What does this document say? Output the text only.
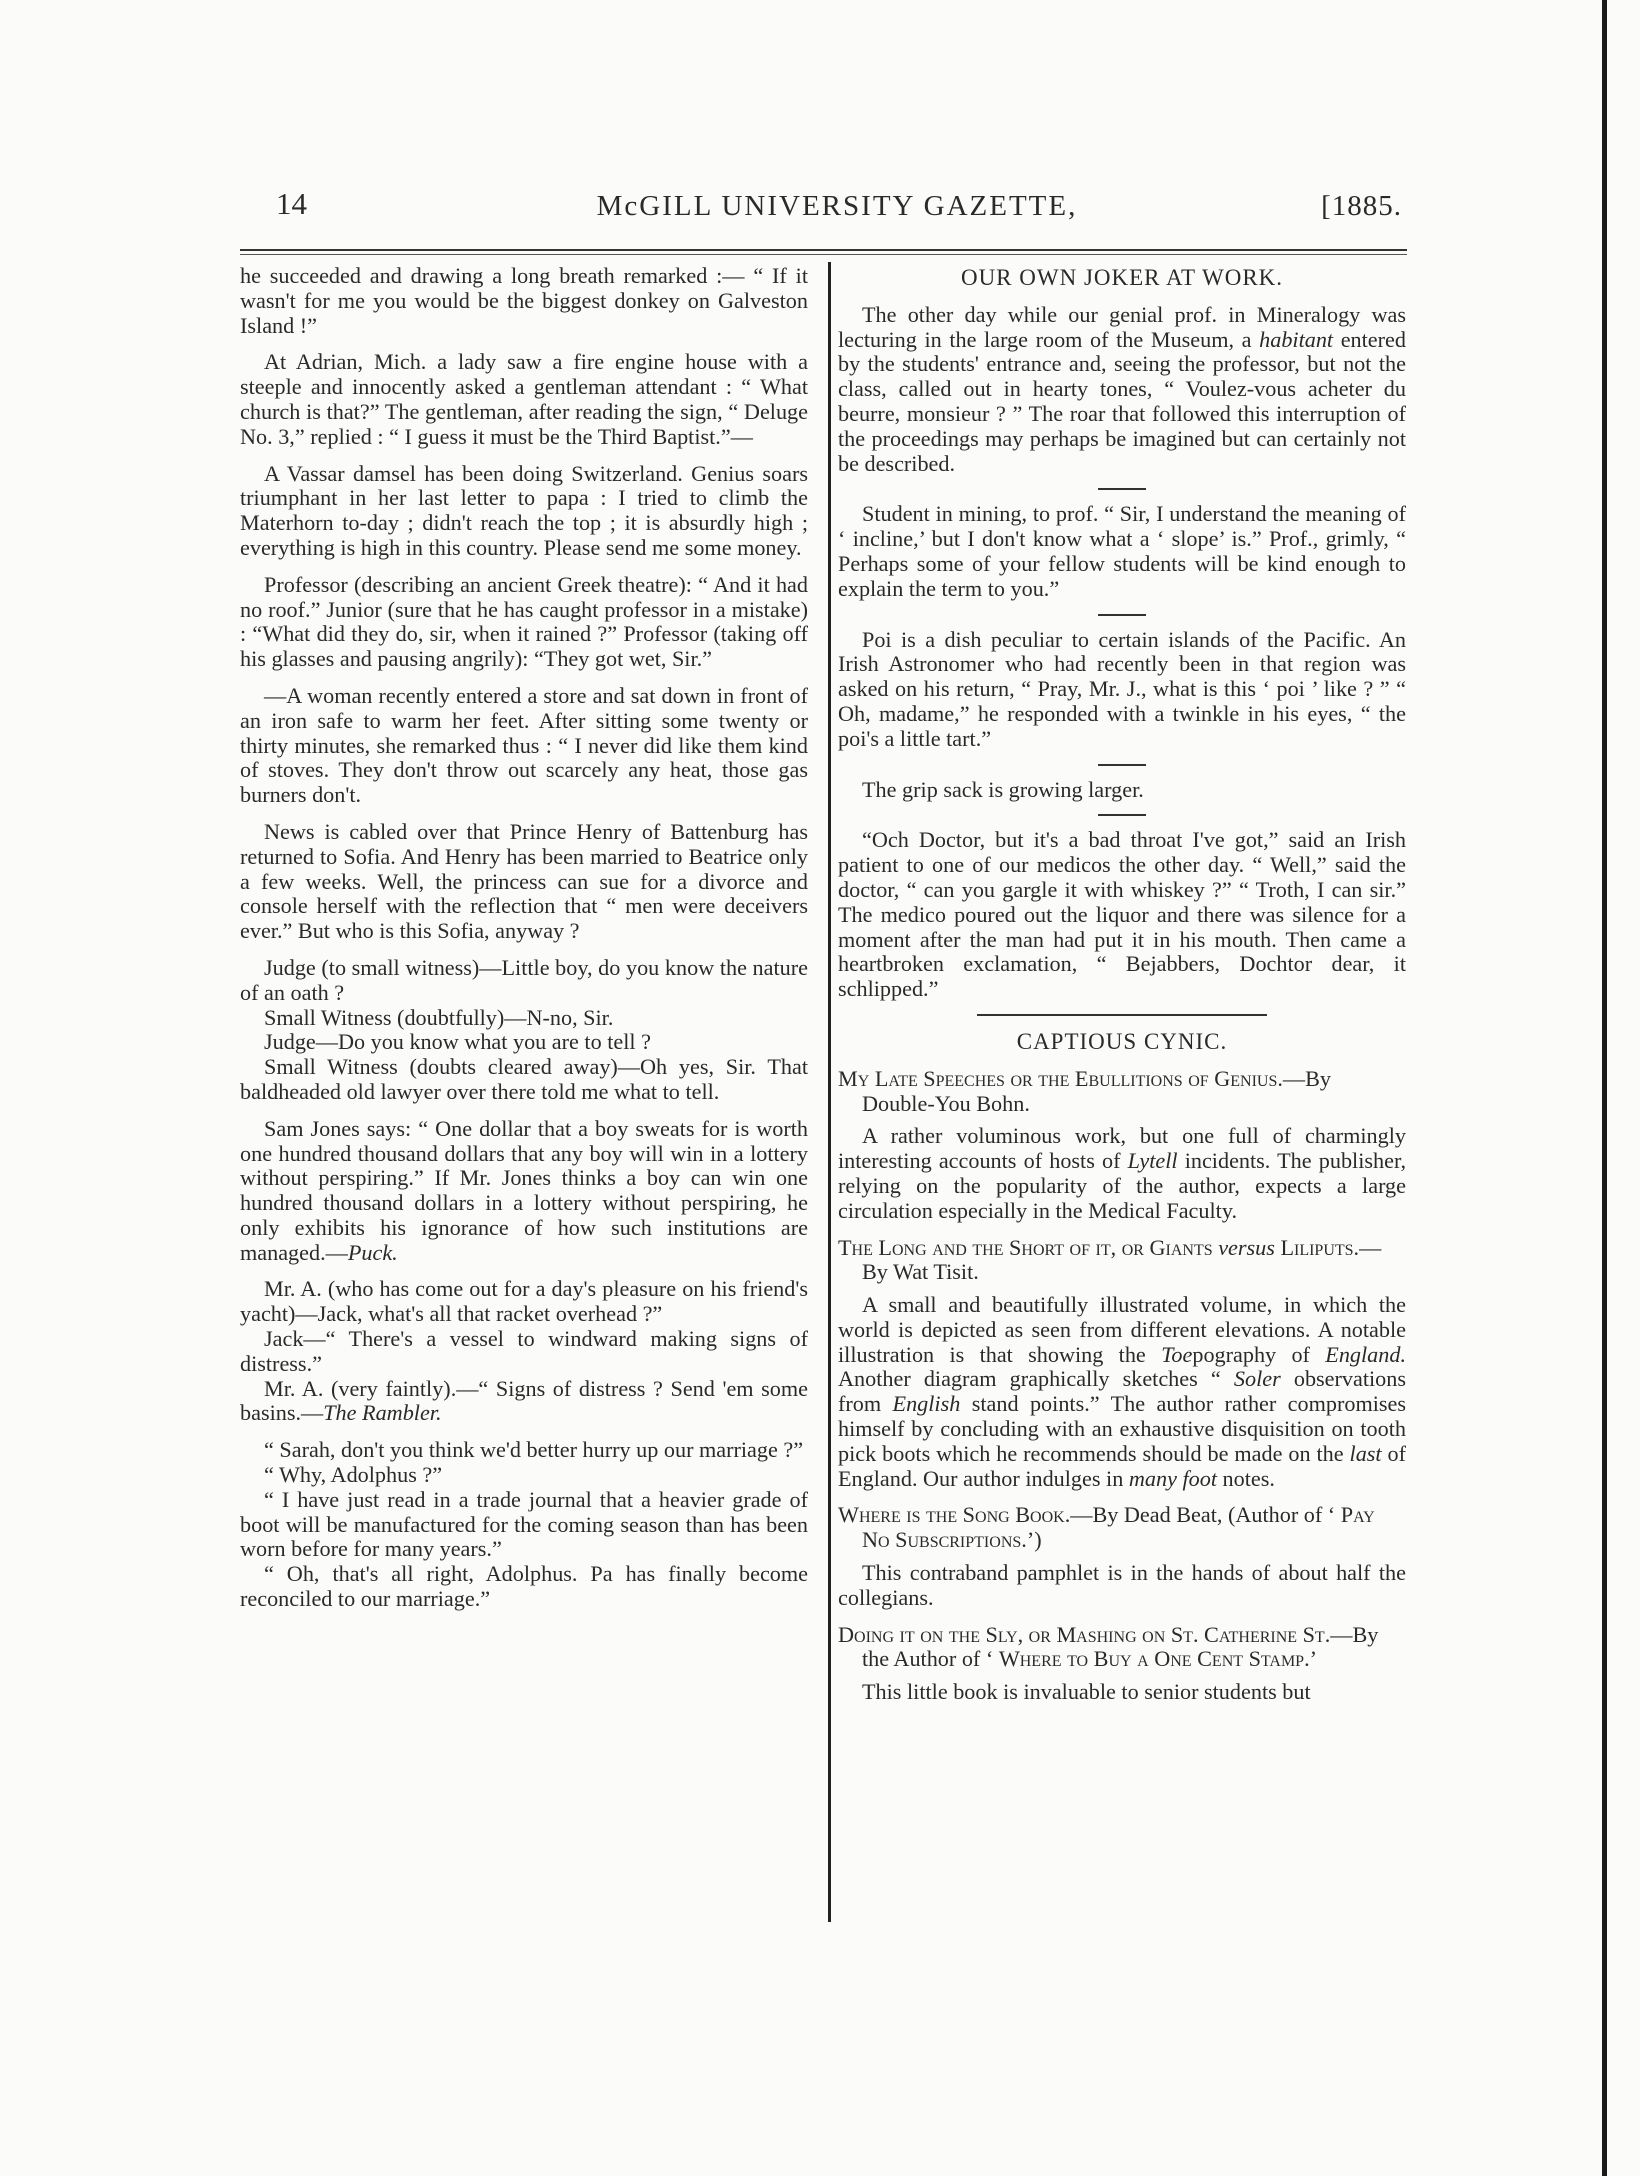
14	McGILL UNIVERSITY GAZETTE,	[1885.

he succeeded and drawing a long breath remarked :— “ If it wasn't for me you would be the biggest donkey on Galveston Island !”

At Adrian, Mich. a lady saw a fire engine house with a steeple and innocently asked a gentleman attendant : “ What church is that?” The gentleman, after reading the sign, “ Deluge No. 3,” replied : “ I guess it must be the Third Baptist.”—

A Vassar damsel has been doing Switzerland. Genius soars triumphant in her last letter to papa : I tried to climb the Materhorn to-day ; didn't reach the top ; it is absurdly high ; everything is high in this country. Please send me some money.

Professor (describing an ancient Greek theatre): “ And it had no roof.” Junior (sure that he has caught professor in a mistake) : “What did they do, sir, when it rained ?” Professor (taking off his glasses and pausing angrily): “They got wet, Sir.”

—A woman recently entered a store and sat down in front of an iron safe to warm her feet. After sitting some twenty or thirty minutes, she remarked thus : “ I never did like them kind of stoves. They don't throw out scarcely any heat, those gas burners don't.

News is cabled over that Prince Henry of Battenburg has returned to Sofia. And Henry has been married to Beatrice only a few weeks. Well, the princess can sue for a divorce and console herself with the reflection that “ men were deceivers ever.” But who is this Sofia, anyway ?

Judge (to small witness)—Little boy, do you know the nature of an oath ?

Small Witness (doubtfully)—N-no, Sir.

Judge—Do you know what you are to tell ?

Small Witness (doubts cleared away)—Oh yes, Sir. That baldheaded old lawyer over there told me what to tell.

Sam Jones says: “ One dollar that a boy sweats for is worth one hundred thousand dollars that any boy will win in a lottery without perspiring.” If Mr. Jones thinks a boy can win one hundred thousand dollars in a lottery without perspiring, he only exhibits his ignorance of how such institutions are managed.—Puck.

Mr. A. (who has come out for a day's pleasure on his friend's yacht)—Jack, what's all that racket overhead ?”

Jack—“ There's a vessel to windward making signs of distress.”

Mr. A. (very faintly).—“ Signs of distress ? Send 'em some basins.—The Rambler.

“ Sarah, don't you think we'd better hurry up our marriage ?”

“ Why, Adolphus ?”

“ I have just read in a trade journal that a heavier grade of boot will be manufactured for the coming season than has been worn before for many years.”

“ Oh, that's all right, Adolphus. Pa has finally become reconciled to our marriage.”

OUR OWN JOKER AT WORK.

The other day while our genial prof. in Mineralogy was lecturing in the large room of the Museum, a habitant entered by the students' entrance and, seeing the professor, but not the class, called out in hearty tones, “ Voulez-vous acheter du beurre, monsieur ? ” The roar that followed this interruption of the proceedings may perhaps be imagined but can certainly not be described.

Student in mining, to prof. “ Sir, I understand the meaning of ‘ incline,’ but I don't know what a ‘ slope’ is.” Prof., grimly, “ Perhaps some of your fellow students will be kind enough to explain the term to you.”

Poi is a dish peculiar to certain islands of the Pacific. An Irish Astronomer who had recently been in that region was asked on his return, “ Pray, Mr. J., what is this ‘ poi ’ like ? ” “ Oh, madame,” he responded with a twinkle in his eyes, “ the poi's a little tart.”

The grip sack is growing larger.

“Och Doctor, but it's a bad throat I've got,” said an Irish patient to one of our medicos the other day. “ Well,” said the doctor, “ can you gargle it with whiskey ?” “ Troth, I can sir.” The medico poured out the liquor and there was silence for a moment after the man had put it in his mouth. Then came a heartbroken exclamation, “ Bejabbers, Dochtor dear, it schlipped.”

CAPTIOUS CYNIC.

My Late Speeches or the Ebullitions of Genius.—By Double-You Bohn.

A rather voluminous work, but one full of charmingly interesting accounts of hosts of Lytell incidents. The publisher, relying on the popularity of the author, expects a large circulation especially in the Medical Faculty.

The Long and the Short of it, or Giants versus Liliputs.—By Wat Tisit.

A small and beautifully illustrated volume, in which the world is depicted as seen from different elevations. A notable illustration is that showing the Toepography of England. Another diagram graphically sketches “ Soler observations from English stand points.” The author rather compromises himself by concluding with an exhaustive disquisition on tooth pick boots which he recommends should be made on the last of England. Our author indulges in many foot notes.

Where is the Song Book.—By Dead Beat, (Author of ‘ Pay No Subscriptions.’)

This contraband pamphlet is in the hands of about half the collegians.

Doing it on the Sly, or Mashing on St. Catherine St.—By the Author of ‘ Where to Buy a One Cent Stamp.’

This little book is invaluable to senior students but
